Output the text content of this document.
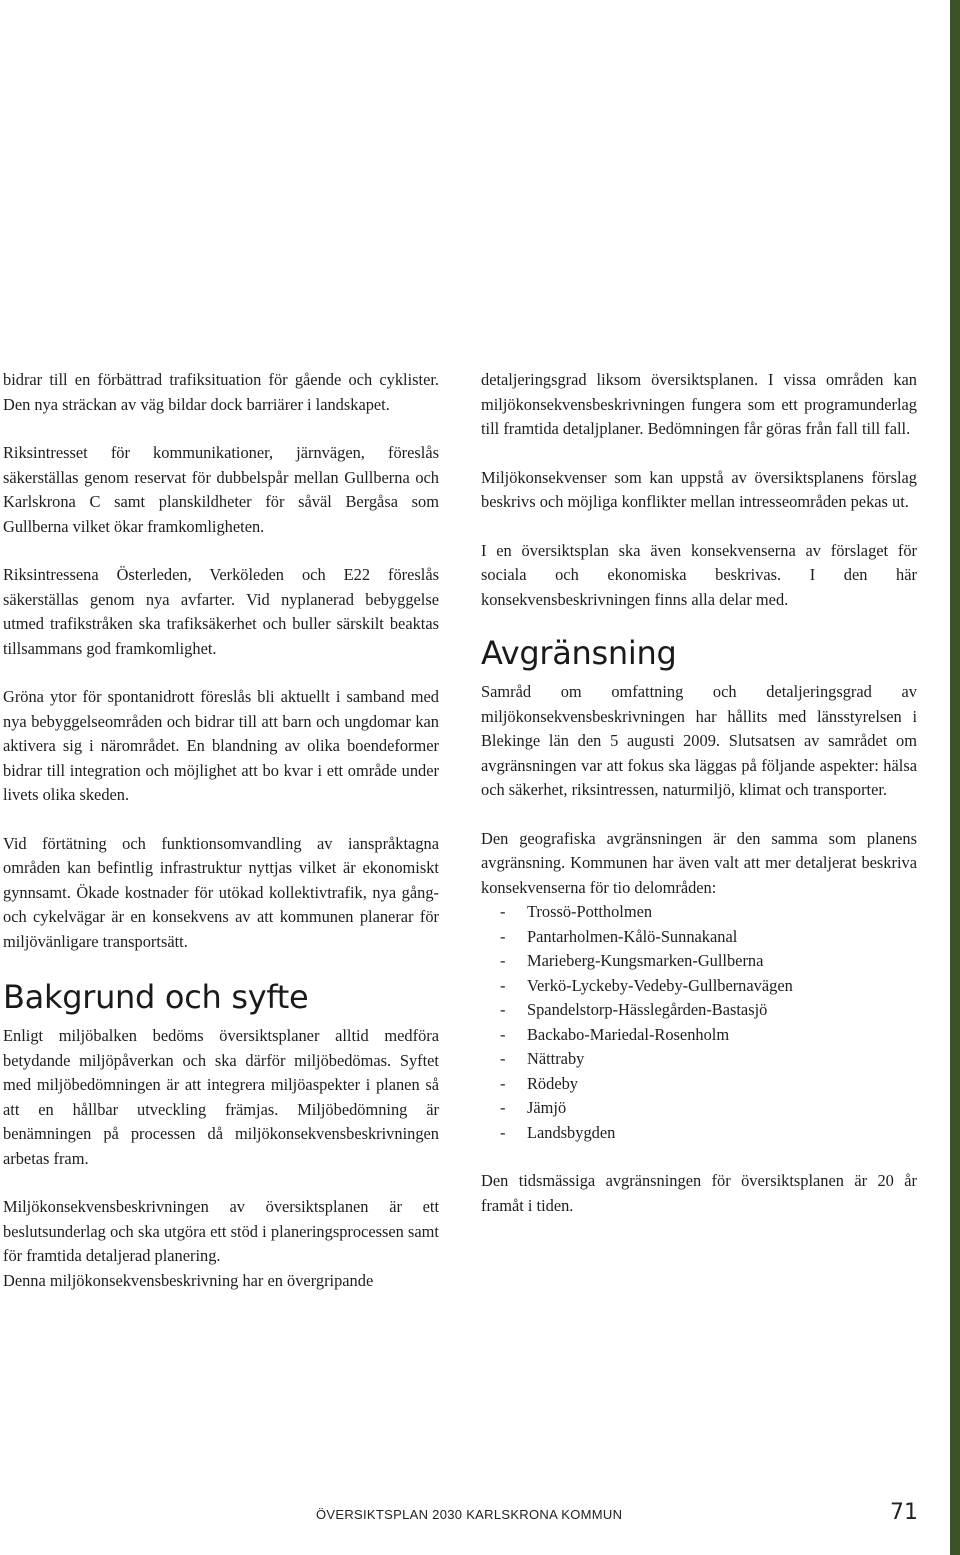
bidrar till en förbättrad trafiksituation för gående och cyklister. Den nya sträckan av väg bildar dock barriärer i landskapet.

Riksintresset för kommunikationer, järnvägen, föreslås säkerställas genom reservat för dubbelspår mellan Gullberna och Karlskrona C samt planskildheter för såväl Bergåsa som Gullberna vilket ökar framkomligheten.

Riksintressena Österleden, Verköleden och E22 föreslås säkerställas genom nya avfarter. Vid nyplanerad bebyggelse utmed trafikstråken ska trafiksäkerhet och buller särskilt beaktas tillsammans god framkomlighet.

Gröna ytor för spontanidrott föreslås bli aktuellt i samband med nya bebyggelseområden och bidrar till att barn och ungdomar kan aktivera sig i närområdet. En blandning av olika boendeformer bidrar till integration och möjlighet att bo kvar i ett område under livets olika skeden.

Vid förtätning och funktionsomvandling av ianspråktagna områden kan befintlig infrastruktur nyttjas vilket är ekonomiskt gynnsamt. Ökade kostnader för utökad kollektivtrafik, nya gång- och cykelvägar är en konsekvens av att kommunen planerar för miljövänligare transportsätt.

Bakgrund och syfte

Enligt miljöbalken bedöms översiktsplaner alltid medföra betydande miljöpåverkan och ska därför miljöbedömas. Syftet med miljöbedömningen är att integrera miljöaspekter i planen så att en hållbar utveckling främjas. Miljöbedömning är benämningen på processen då miljökonsekvensbeskrivningen arbetas fram.

Miljökonsekvensbeskrivningen av översiktsplanen är ett beslutsunderlag och ska utgöra ett stöd i planeringsprocessen samt för framtida detaljerad planering.

Denna miljökonsekvensbeskrivning har en övergripande

detaljeringsgrad liksom översiktsplanen. I vissa områden kan miljökonsekvensbeskrivningen fungera som ett programunderlag till framtida detaljplaner. Bedömningen får göras från fall till fall.

Miljökonsekvenser som kan uppstå av översiktsplanens förslag beskrivs och möjliga konflikter mellan intresseområden pekas ut.

I en översiktsplan ska även konsekvenserna av förslaget för sociala och ekonomiska beskrivas. I den här konsekvensbeskrivningen finns alla delar med.

Avgränsning

Samråd om omfattning och detaljeringsgrad av miljökonsekvensbeskrivningen har hållits med länsstyrelsen i Blekinge län den 5 augusti 2009. Slutsatsen av samrådet om avgränsningen var att fokus ska läggas på följande aspekter: hälsa och säkerhet, riksintressen, naturmiljö, klimat och transporter.

Den geografiska avgränsningen är den samma som planens avgränsning. Kommunen har även valt att mer detaljerat beskriva konsekvenserna för tio delområden:

-	Trossö-Pottholmen
-	Pantarholmen-Kålö-Sunnakanal
-	Marieberg-Kungsmarken-Gullberna
-	Verkö-Lyckeby-Vedeby-Gullbernavägen
-	Spandelstorp-Hässlegården-Bastasjö
-	Backabo-Mariedal-Rosenholm
-	Nättraby
-	Rödeby
-	Jämjö
-	Landsbygden

Den tidsmässiga avgränsningen för översiktsplanen är 20 år framåt i tiden.

ÖVERSIKTSPLAN 2030 KARLSKRONA KOMMUN	71
